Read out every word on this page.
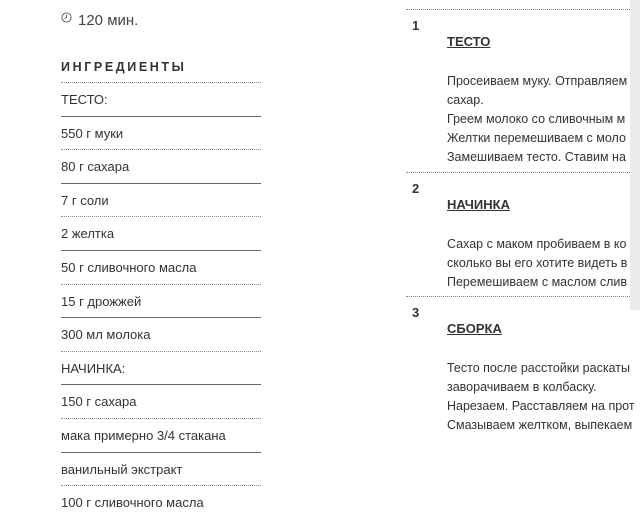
120 мин.
ИНГРЕДИЕНТЫ
ТЕСТО:
550 г муки
80 г сахара
7 г соли
2 желтка
50 г сливочного масла
15 г дрожжей
300 мл молока
НАЧИНКА:
150 г сахара
мака примерно 3/4 стакана
ванильный экстракт
100 г сливочного масла
1
ТЕСТО
Просеиваем муку. Отправляем
сахар.
Греем молоко со сливочным м
Желтки перемешиваем с моло
Замешиваем тесто. Ставим на
2
НАЧИНКА
Сахар с маком пробиваем в ко
сколько вы его хотите видеть в
Перемешиваем с маслом слив
3
СБОРКА
Тесто после расстойки раскаты
заворачиваем в колбаску.
Нарезаем. Расставляем на прот
Смазываем желтком, выпекаем
